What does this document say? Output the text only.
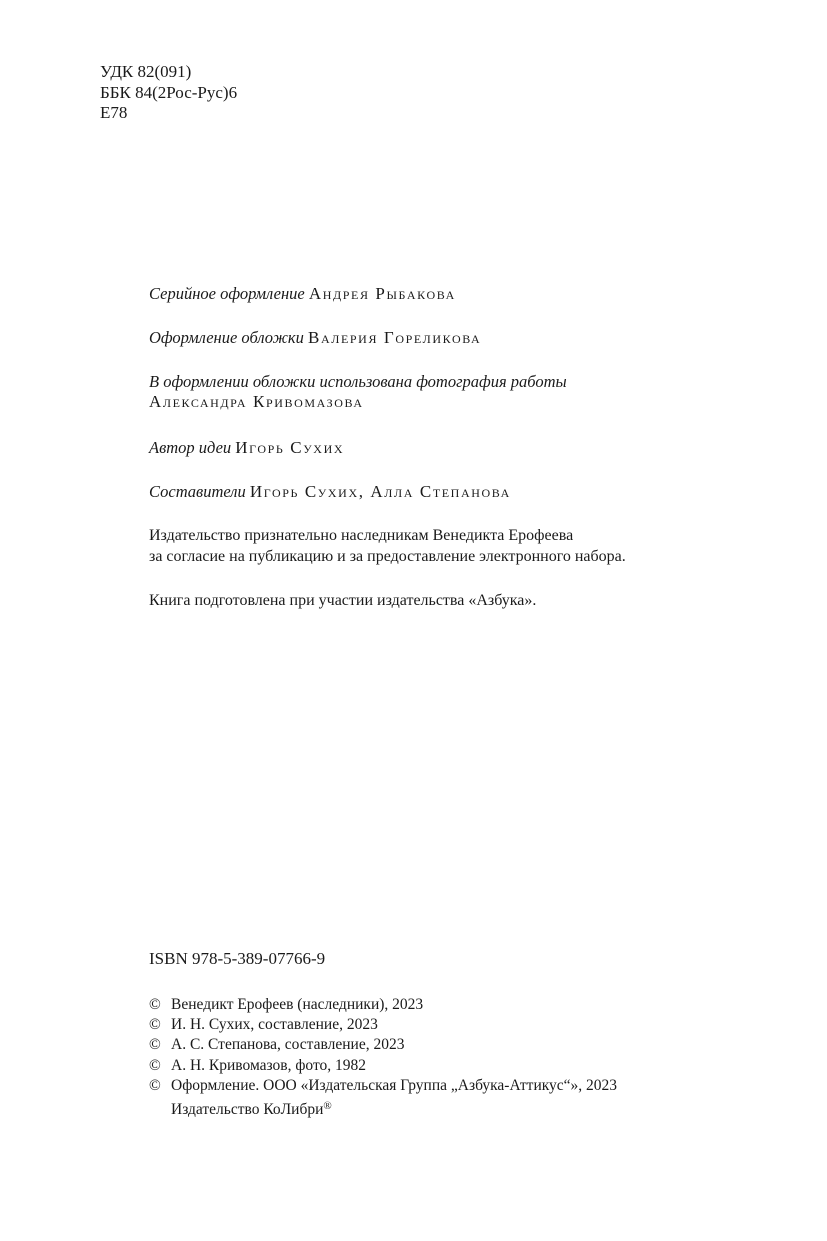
УДК 82(091)
ББК 84(2Рос-Рус)6
Е78
Серийное оформление Андрея Рыбакова
Оформление обложки Валерия Гореликова
В оформлении обложки использована фотография работы
Александра Кривомазова
Автор идеи Игорь Сухих
Составители Игорь Сухих, Алла Степанова
Издательство признательно наследникам Венедикта Ерофеева
за согласие на публикацию и за предоставление электронного набора.
Книга подготовлена при участии издательства «Азбука».
ISBN 978-5-389-07766-9
© Венедикт Ерофеев (наследники), 2023
© И. Н. Сухих, составление, 2023
© А. С. Степанова, составление, 2023
© А. Н. Кривомазов, фото, 1982
© Оформление. ООО «Издательская Группа „Азбука-Аттикус“», 2023
Издательство КоЛибри®
